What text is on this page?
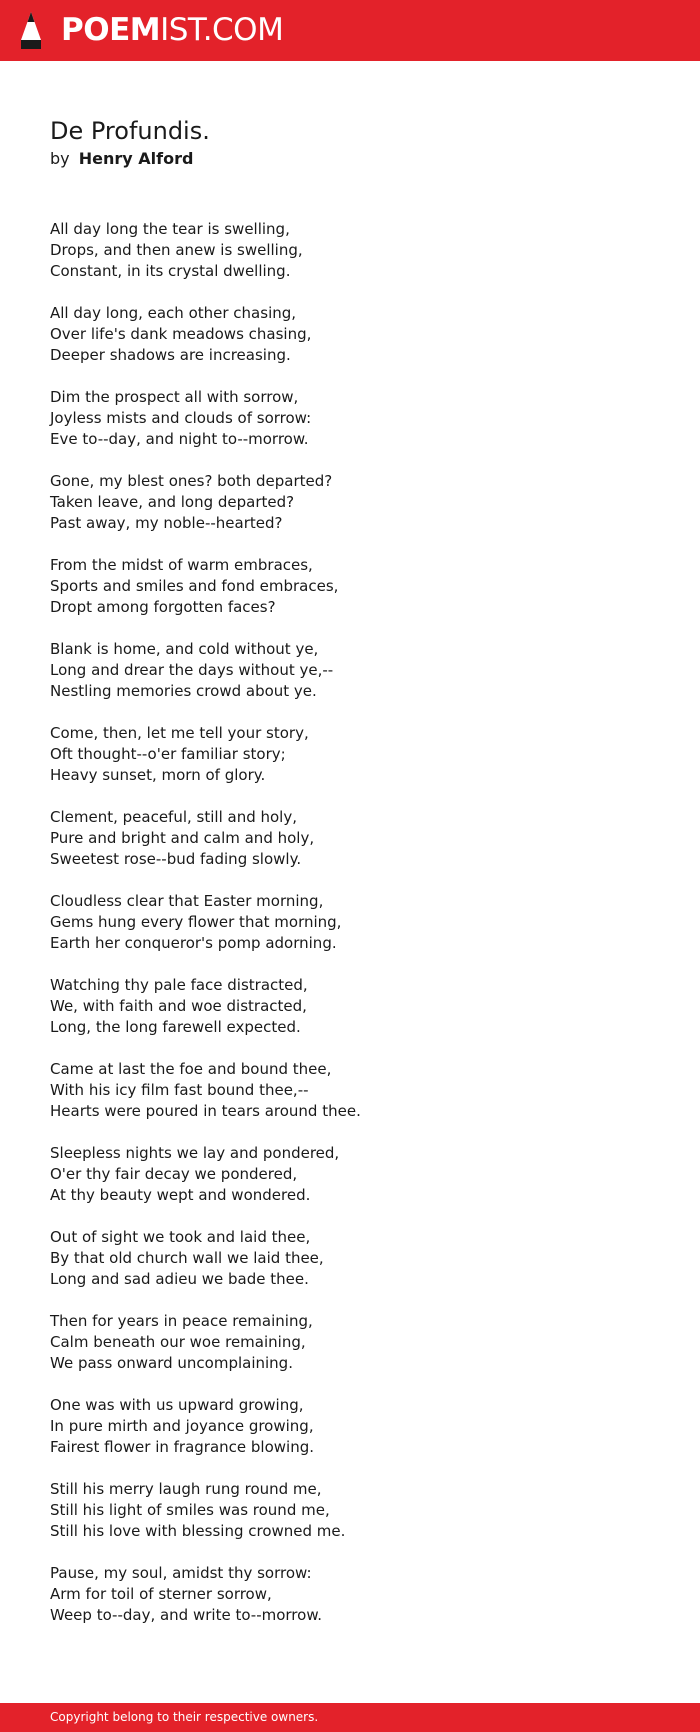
POEMIST.COM
De Profundis.
by Henry Alford
All day long the tear is swelling,
Drops, and then anew is swelling,
Constant, in its crystal dwelling.
All day long, each other chasing,
Over life's dank meadows chasing,
Deeper shadows are increasing.
Dim the prospect all with sorrow,
Joyless mists and clouds of sorrow:
Eve to--day, and night to--morrow.
Gone, my blest ones? both departed?
Taken leave, and long departed?
Past away, my noble--hearted?
From the midst of warm embraces,
Sports and smiles and fond embraces,
Dropt among forgotten faces?
Blank is home, and cold without ye,
Long and drear the days without ye,--
Nestling memories crowd about ye.
Come, then, let me tell your story,
Oft thought--o'er familiar story;
Heavy sunset, morn of glory.
Clement, peaceful, still and holy,
Pure and bright and calm and holy,
Sweetest rose--bud fading slowly.
Cloudless clear that Easter morning,
Gems hung every flower that morning,
Earth her conqueror's pomp adorning.
Watching thy pale face distracted,
We, with faith and woe distracted,
Long, the long farewell expected.
Came at last the foe and bound thee,
With his icy film fast bound thee,--
Hearts were poured in tears around thee.
Sleepless nights we lay and pondered,
O'er thy fair decay we pondered,
At thy beauty wept and wondered.
Out of sight we took and laid thee,
By that old church wall we laid thee,
Long and sad adieu we bade thee.
Then for years in peace remaining,
Calm beneath our woe remaining,
We pass onward uncomplaining.
One was with us upward growing,
In pure mirth and joyance growing,
Fairest flower in fragrance blowing.
Still his merry laugh rung round me,
Still his light of smiles was round me,
Still his love with blessing crowned me.
Pause, my soul, amidst thy sorrow:
Arm for toil of sterner sorrow,
Weep to--day, and write to--morrow.
Copyright belong to their respective owners.
